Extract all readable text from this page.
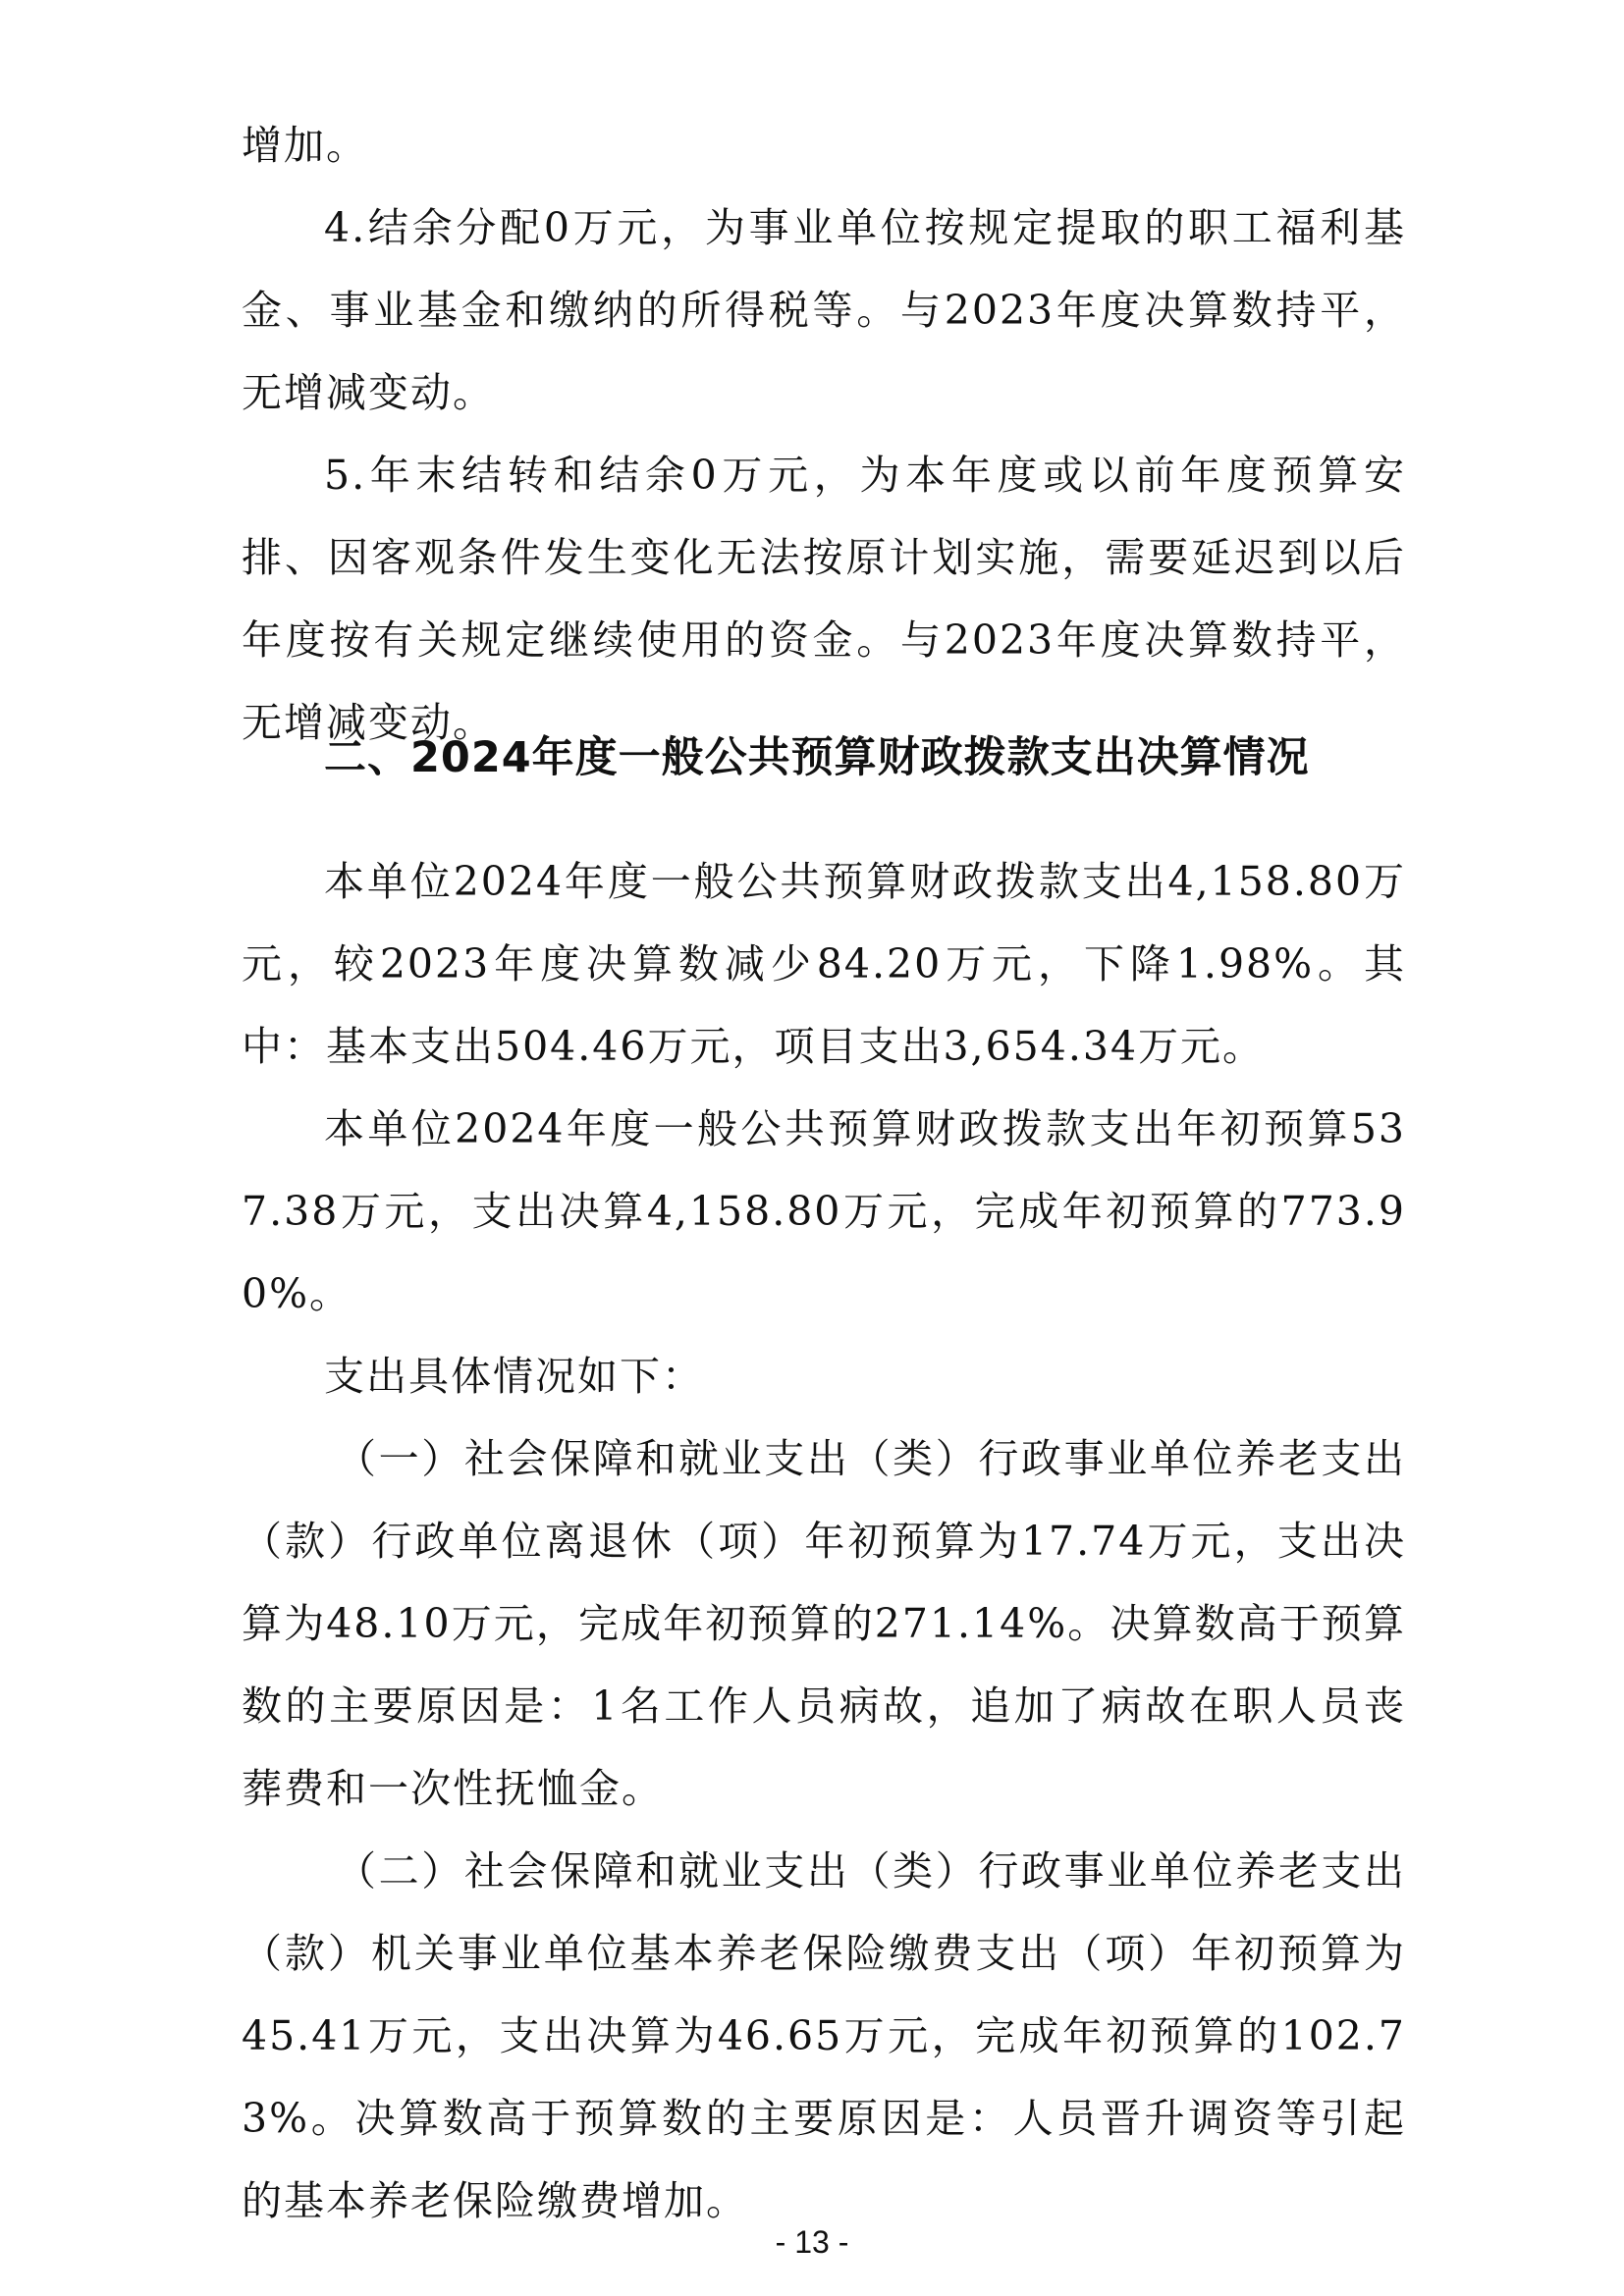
增加。

4.结余分配0万元，为事业单位按规定提取的职工福利基金、事业基金和缴纳的所得税等。与2023年度决算数持平，无增减变动。

5.年末结转和结余0万元，为本年度或以前年度预算安排、因客观条件发生变化无法按原计划实施，需要延迟到以后年度按有关规定继续使用的资金。与2023年度决算数持平，无增减变动。

二、2024年度一般公共预算财政拨款支出决算情况

本单位2024年度一般公共预算财政拨款支出4,158.80万元，较2023年度决算数减少84.20万元，下降1.98%。其中：基本支出504.46万元，项目支出3,654.34万元。

本单位2024年度一般公共预算财政拨款支出年初预算537.38万元，支出决算4,158.80万元，完成年初预算的773.90%。

支出具体情况如下：

（一）社会保障和就业支出（类）行政事业单位养老支出（款）行政单位离退休（项）年初预算为17.74万元，支出决算为48.10万元，完成年初预算的271.14%。决算数高于预算数的主要原因是：1名工作人员病故，追加了病故在职人员丧葬费和一次性抚恤金。

（二）社会保障和就业支出（类）行政事业单位养老支出（款）机关事业单位基本养老保险缴费支出（项）年初预算为45.41万元，支出决算为46.65万元，完成年初预算的102.73%。决算数高于预算数的主要原因是：人员晋升调资等引起的基本养老保险缴费增加。

- 13 -
